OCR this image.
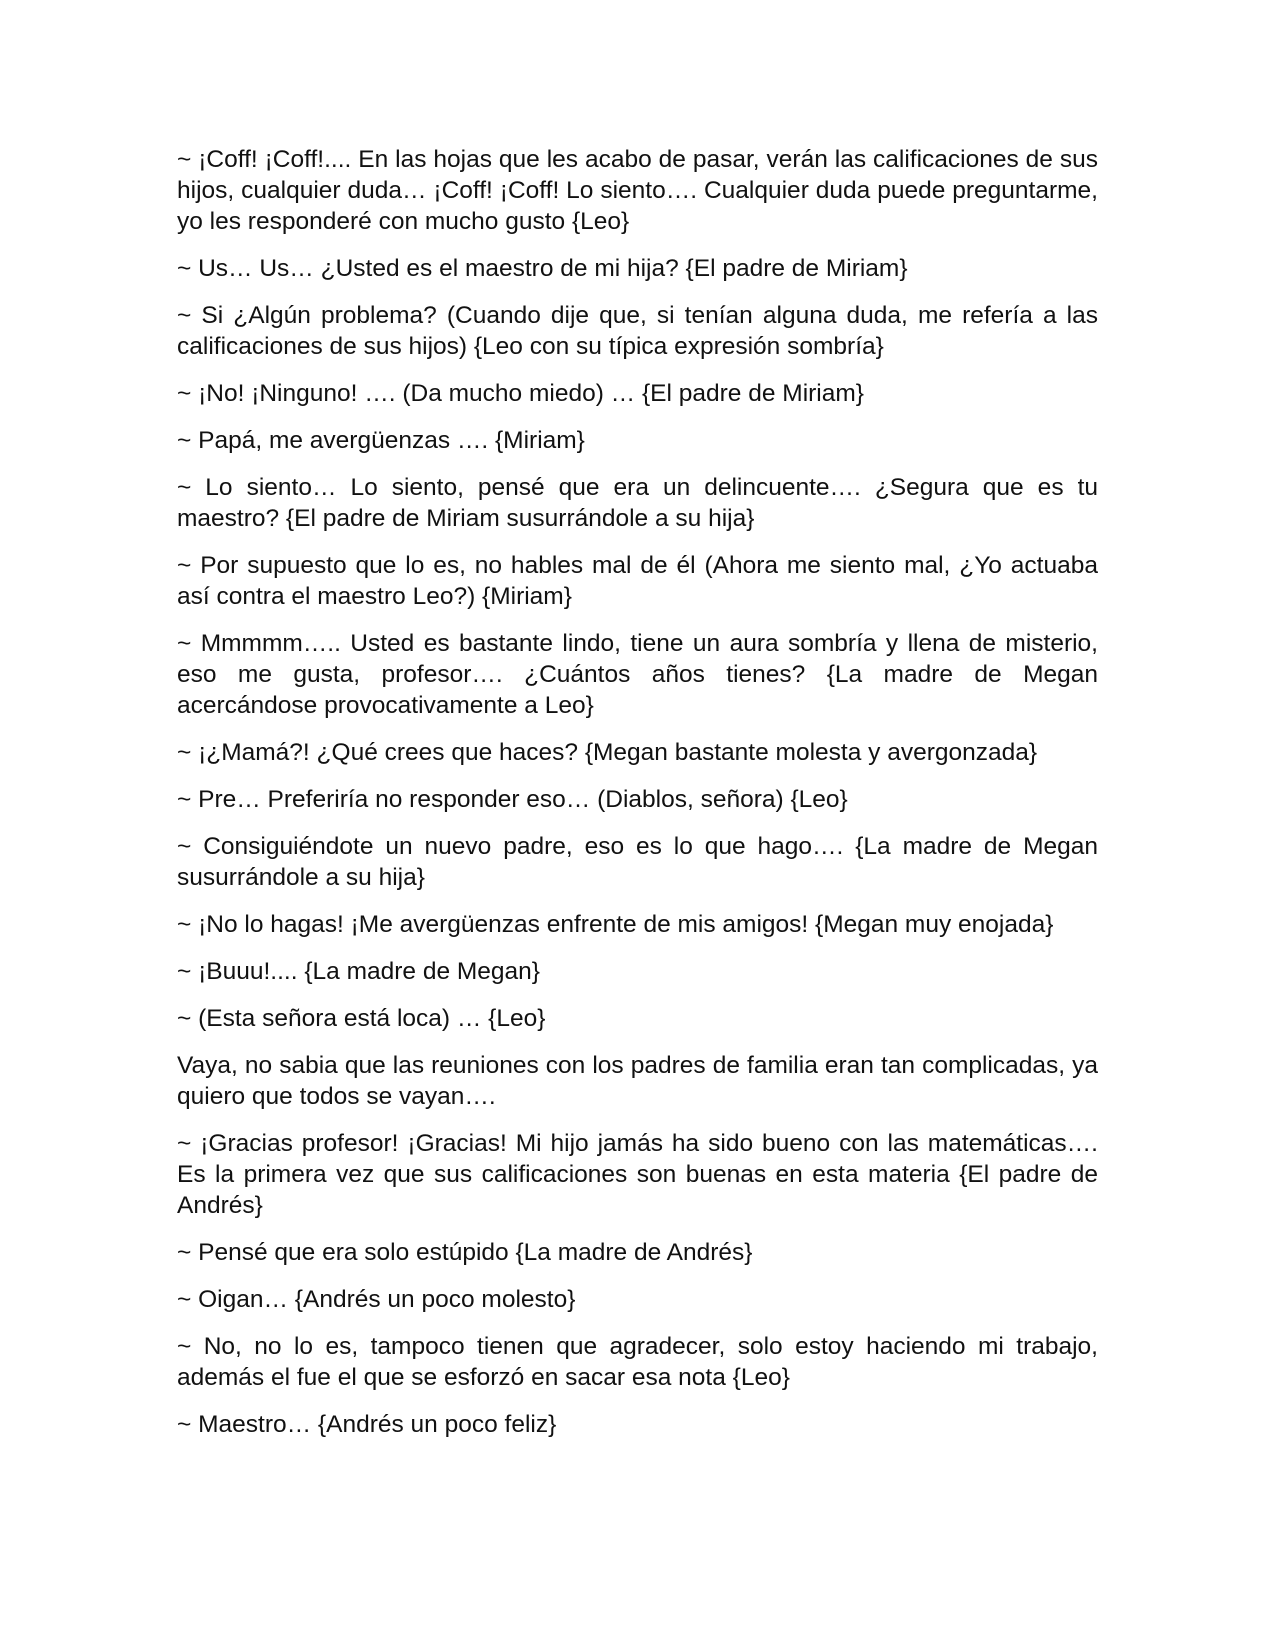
~ ¡Coff! ¡Coff!.... En las hojas que les acabo de pasar, verán las calificaciones de sus hijos, cualquier duda… ¡Coff! ¡Coff! Lo siento…. Cualquier duda puede preguntarme, yo les responderé con mucho gusto {Leo}

~ Us… Us… ¿Usted es el maestro de mi hija? {El padre de Miriam}

~ Si ¿Algún problema? (Cuando dije que, si tenían alguna duda, me refería a las calificaciones de sus hijos) {Leo con su típica expresión sombría}

~ ¡No! ¡Ninguno! …. (Da mucho miedo) … {El padre de Miriam}

~ Papá, me avergüenzas …. {Miriam}

~ Lo siento… Lo siento, pensé que era un delincuente…. ¿Segura que es tu maestro? {El padre de Miriam susurrándole a su hija}

~ Por supuesto que lo es, no hables mal de él (Ahora me siento mal, ¿Yo actuaba así contra el maestro Leo?) {Miriam}

~ Mmmmm….. Usted es bastante lindo, tiene un aura sombría y llena de misterio, eso me gusta, profesor…. ¿Cuántos años tienes? {La madre de Megan acercándose provocativamente a Leo}

~ ¡¿Mamá?! ¿Qué crees que haces? {Megan bastante molesta y avergonzada}

~ Pre… Preferiría no responder eso… (Diablos, señora) {Leo}

~ Consiguiéndote un nuevo padre, eso es lo que hago…. {La madre de Megan susurrándole a su hija}

~ ¡No lo hagas! ¡Me avergüenzas enfrente de mis amigos! {Megan muy enojada}

~ ¡Buuu!.... {La madre de Megan}

~ (Esta señora está loca) … {Leo}

Vaya, no sabia que las reuniones con los padres de familia eran tan complicadas, ya quiero que todos se vayan….

~ ¡Gracias profesor! ¡Gracias! Mi hijo jamás ha sido bueno con las matemáticas…. Es la primera vez que sus calificaciones son buenas en esta materia {El padre de Andrés}

~ Pensé que era solo estúpido {La madre de Andrés}

~ Oigan… {Andrés un poco molesto}

~ No, no lo es, tampoco tienen que agradecer, solo estoy haciendo mi trabajo, además el fue el que se esforzó en sacar esa nota {Leo}

~ Maestro… {Andrés un poco feliz}
